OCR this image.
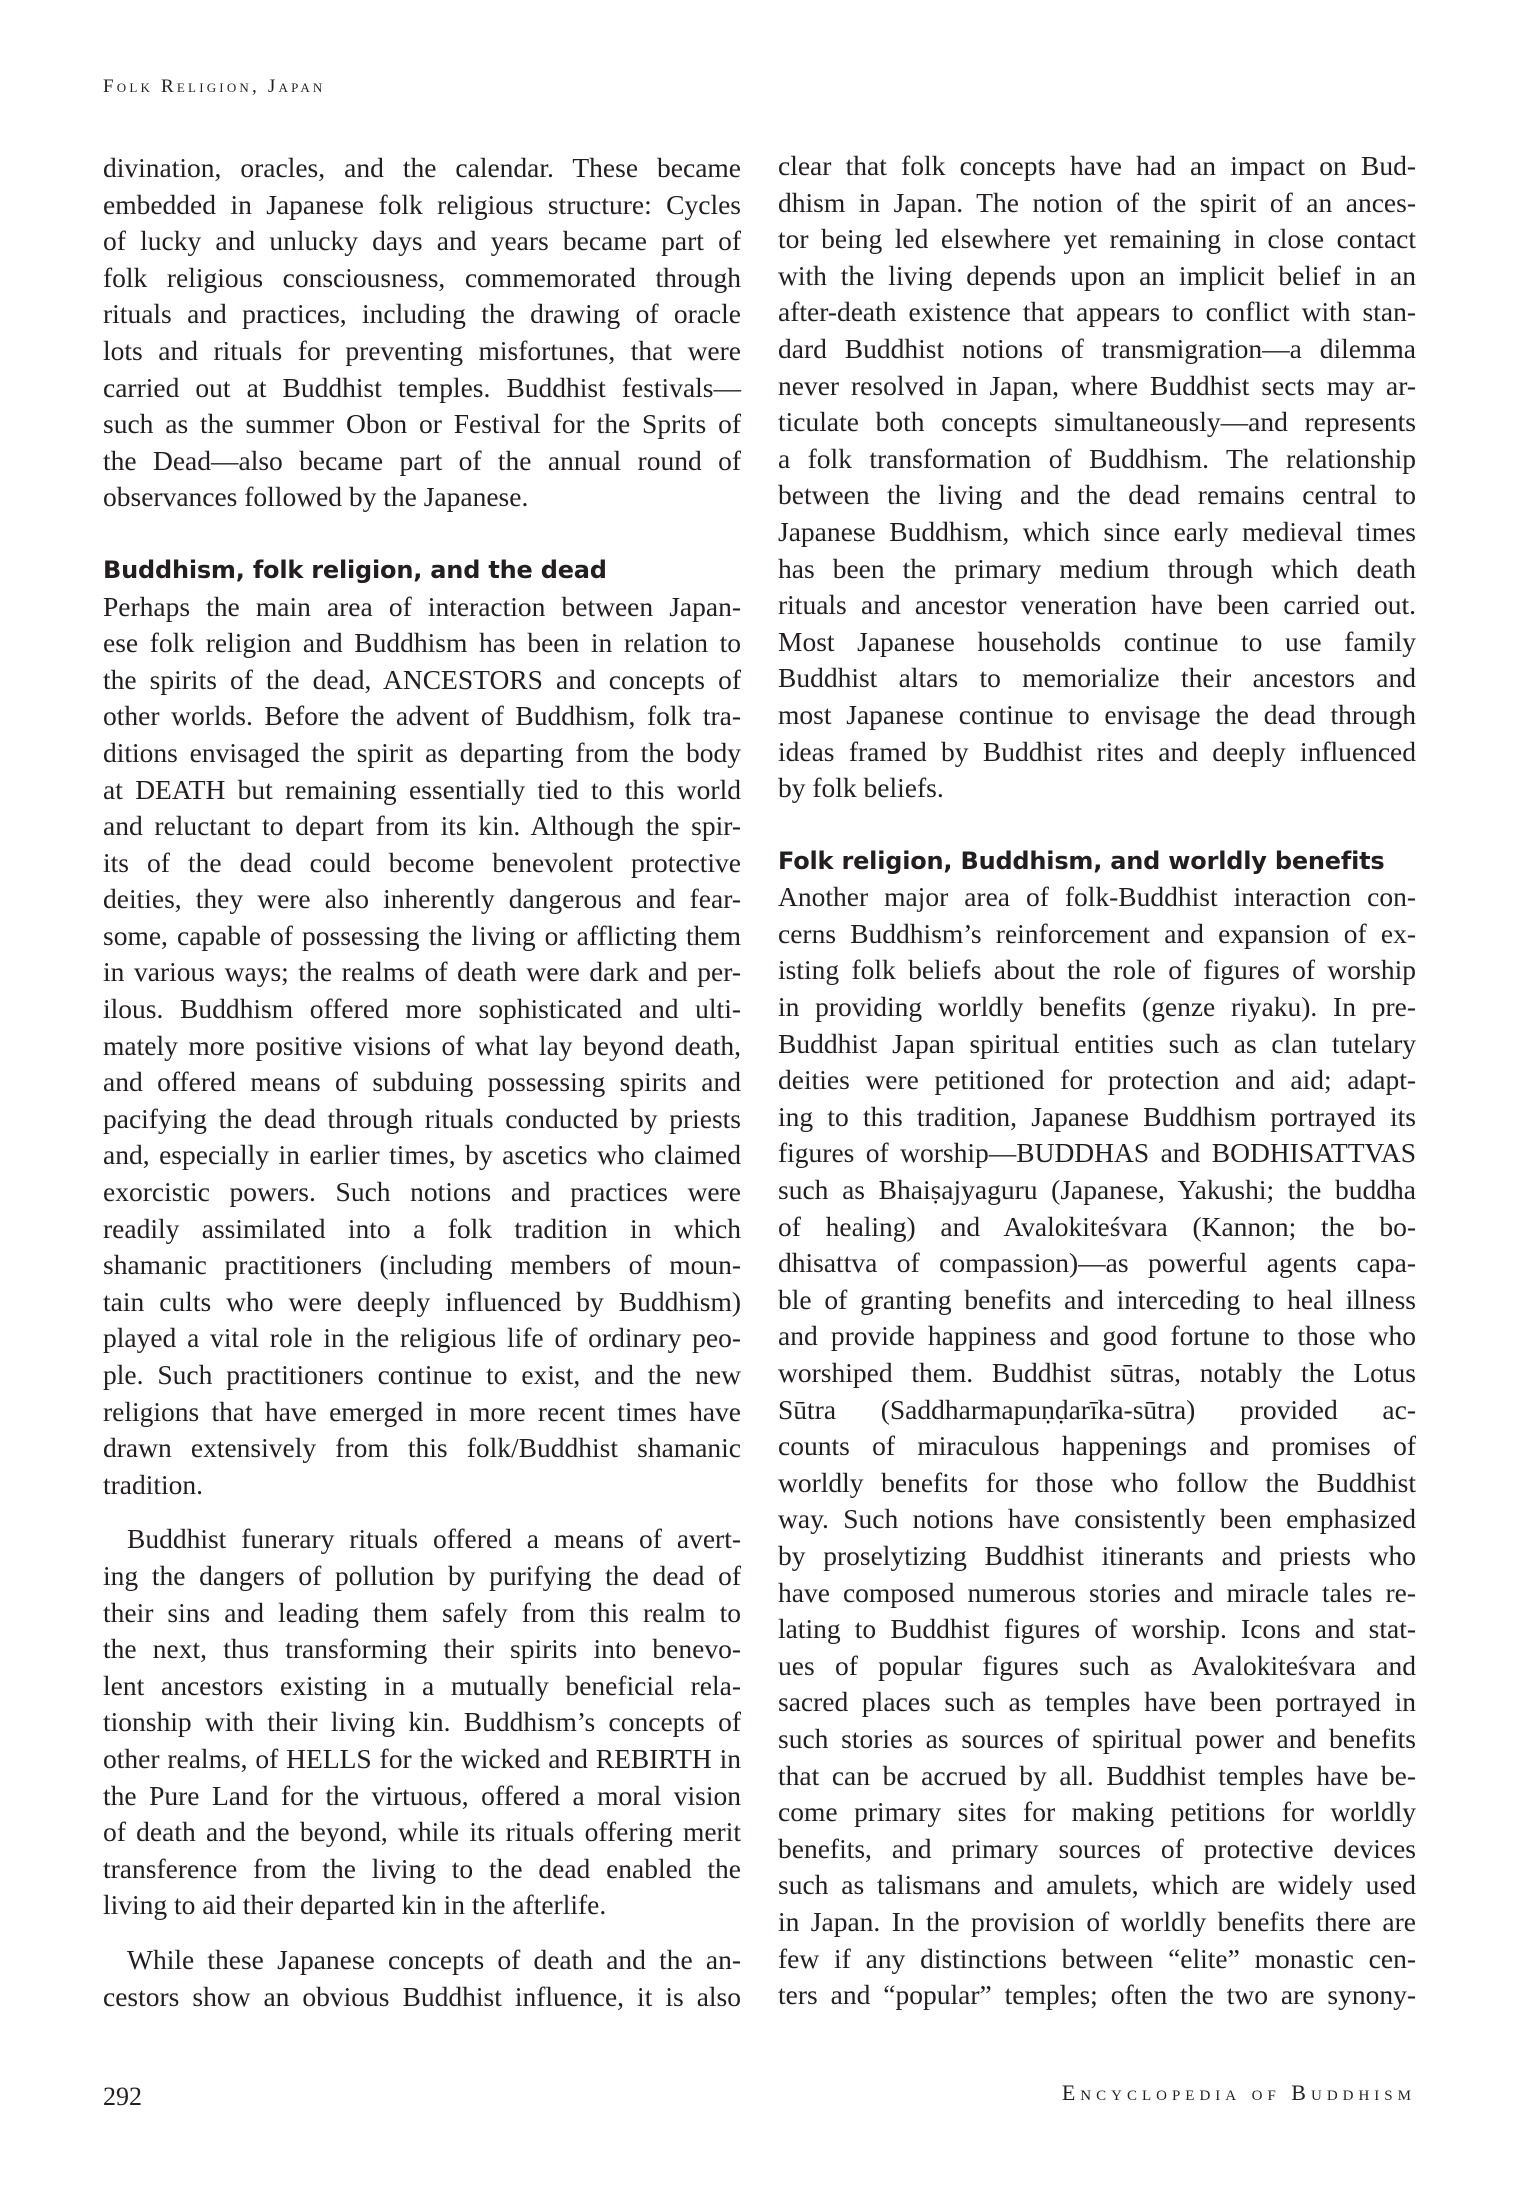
Folk Religion, Japan
divination, oracles, and the calendar. These became
embedded in Japanese folk religious structure: Cycles
of lucky and unlucky days and years became part of
folk religious consciousness, commemorated through
rituals and practices, including the drawing of oracle
lots and rituals for preventing misfortunes, that were
carried out at Buddhist temples. Buddhist festivals—
such as the summer Obon or Festival for the Sprits of
the Dead—also became part of the annual round of
observances followed by the Japanese.
Buddhism, folk religion, and the dead
Perhaps the main area of interaction between Japan-
ese folk religion and Buddhism has been in relation to
the spirits of the dead, ANCESTORS and concepts of
other worlds. Before the advent of Buddhism, folk tra-
ditions envisaged the spirit as departing from the body
at DEATH but remaining essentially tied to this world
and reluctant to depart from its kin. Although the spir-
its of the dead could become benevolent protective
deities, they were also inherently dangerous and fear-
some, capable of possessing the living or afflicting them
in various ways; the realms of death were dark and per-
ilous. Buddhism offered more sophisticated and ulti-
mately more positive visions of what lay beyond death,
and offered means of subduing possessing spirits and
pacifying the dead through rituals conducted by priests
and, especially in earlier times, by ascetics who claimed
exorcistic powers. Such notions and practices were
readily assimilated into a folk tradition in which
shamanic practitioners (including members of moun-
tain cults who were deeply influenced by Buddhism)
played a vital role in the religious life of ordinary peo-
ple. Such practitioners continue to exist, and the new
religions that have emerged in more recent times have
drawn extensively from this folk/Buddhist shamanic
tradition.
Buddhist funerary rituals offered a means of avert-
ing the dangers of pollution by purifying the dead of
their sins and leading them safely from this realm to
the next, thus transforming their spirits into benevo-
lent ancestors existing in a mutually beneficial rela-
tionship with their living kin. Buddhism’s concepts of
other realms, of HELLS for the wicked and REBIRTH in
the Pure Land for the virtuous, offered a moral vision
of death and the beyond, while its rituals offering merit
transference from the living to the dead enabled the
living to aid their departed kin in the afterlife.
While these Japanese concepts of death and the an-
cestors show an obvious Buddhist influence, it is also
clear that folk concepts have had an impact on Bud-
dhism in Japan. The notion of the spirit of an ances-
tor being led elsewhere yet remaining in close contact
with the living depends upon an implicit belief in an
after-death existence that appears to conflict with stan-
dard Buddhist notions of transmigration—a dilemma
never resolved in Japan, where Buddhist sects may ar-
ticulate both concepts simultaneously—and represents
a folk transformation of Buddhism. The relationship
between the living and the dead remains central to
Japanese Buddhism, which since early medieval times
has been the primary medium through which death
rituals and ancestor veneration have been carried out.
Most Japanese households continue to use family
Buddhist altars to memorialize their ancestors and
most Japanese continue to envisage the dead through
ideas framed by Buddhist rites and deeply influenced
by folk beliefs.
Folk religion, Buddhism, and worldly benefits
Another major area of folk-Buddhist interaction con-
cerns Buddhism’s reinforcement and expansion of ex-
isting folk beliefs about the role of figures of worship
in providing worldly benefits (genze riyaku). In pre-
Buddhist Japan spiritual entities such as clan tutelary
deities were petitioned for protection and aid; adapt-
ing to this tradition, Japanese Buddhism portrayed its
figures of worship—BUDDHAS and BODHISATTVAS
such as Bhaiṣajyaguru (Japanese, Yakushi; the buddha
of healing) and Avalokiteśvara (Kannon; the bo-
dhisattva of compassion)—as powerful agents capa-
ble of granting benefits and interceding to heal illness
and provide happiness and good fortune to those who
worshiped them. Buddhist sūtras, notably the Lotus
Sūtra (Saddharmapuṇḍarīka-sūtra) provided ac-
counts of miraculous happenings and promises of
worldly benefits for those who follow the Buddhist
way. Such notions have consistently been emphasized
by proselytizing Buddhist itinerants and priests who
have composed numerous stories and miracle tales re-
lating to Buddhist figures of worship. Icons and stat-
ues of popular figures such as Avalokiteśvara and
sacred places such as temples have been portrayed in
such stories as sources of spiritual power and benefits
that can be accrued by all. Buddhist temples have be-
come primary sites for making petitions for worldly
benefits, and primary sources of protective devices
such as talismans and amulets, which are widely used
in Japan. In the provision of worldly benefits there are
few if any distinctions between “elite” monastic cen-
ters and “popular” temples; often the two are synony-
292	Encyclopedia of Buddhism
